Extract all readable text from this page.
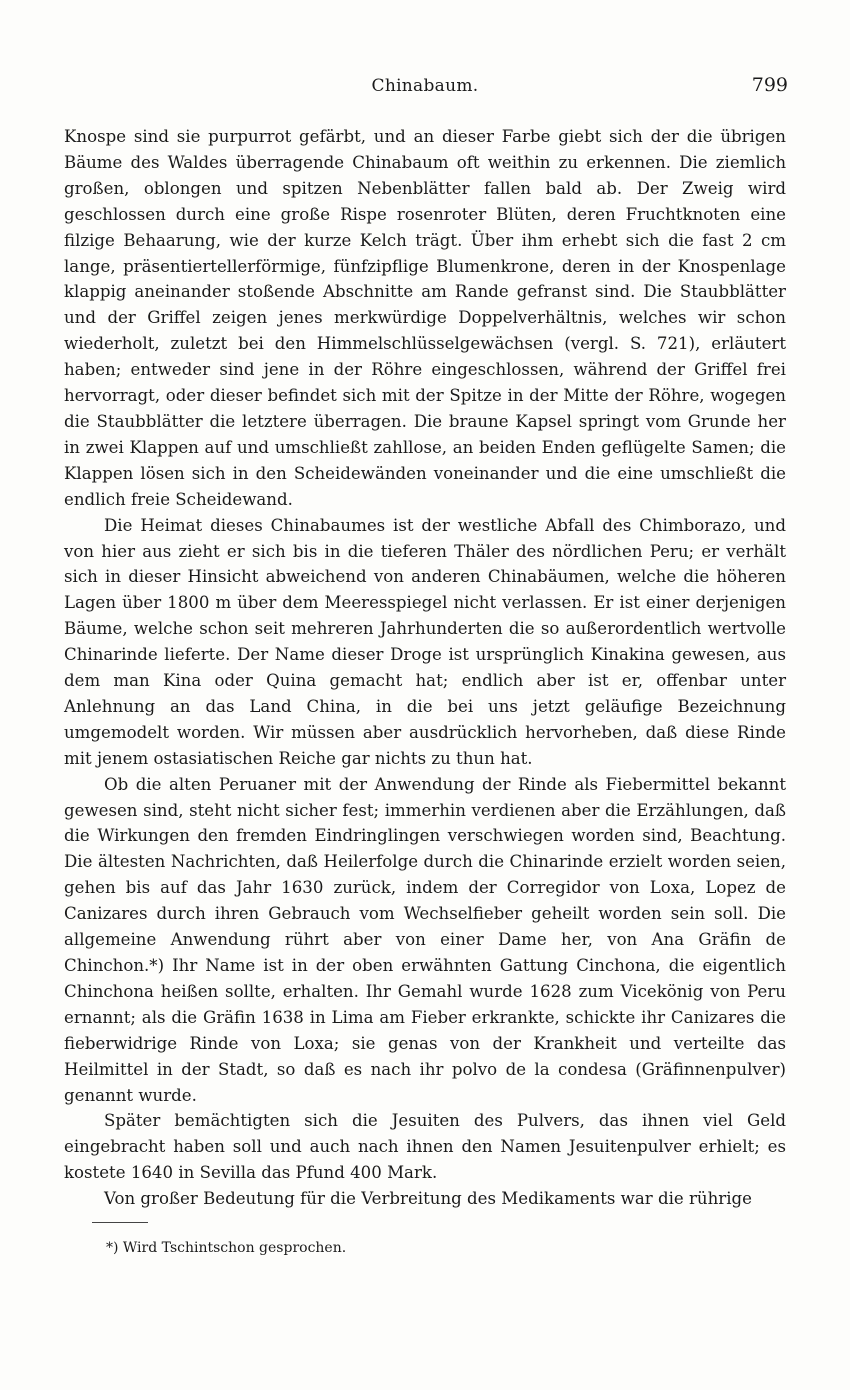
Chinabaum.	799

Knospe sind sie purpurrot gefärbt, und an dieser Farbe giebt sich der die übrigen Bäume des Waldes überragende Chinabaum oft weithin zu erkennen. Die ziemlich großen, oblongen und spitzen Nebenblätter fallen bald ab. Der Zweig wird geschlossen durch eine große Rispe rosenroter Blüten, deren Fruchtknoten eine filzige Behaarung, wie der kurze Kelch trägt. Über ihm erhebt sich die fast 2 cm lange, präsentiertellerförmige, fünfzipflige Blumenkrone, deren in der Knospenlage klappig aneinander stoßende Abschnitte am Rande gefranst sind. Die Staubblätter und der Griffel zeigen jenes merkwürdige Doppelverhältnis, welches wir schon wiederholt, zuletzt bei den Himmelschlüsselgewächsen (vergl. S. 721), erläutert haben; entweder sind jene in der Röhre eingeschlossen, während der Griffel frei hervorragt, oder dieser befindet sich mit der Spitze in der Mitte der Röhre, wogegen die Staubblätter die letztere überragen. Die braune Kapsel springt vom Grunde her in zwei Klappen auf und umschließt zahllose, an beiden Enden geflügelte Samen; die Klappen lösen sich in den Scheidewänden voneinander und die eine umschließt die endlich freie Scheidewand.

Die Heimat dieses Chinabaumes ist der westliche Abfall des Chimborazo, und von hier aus zieht er sich bis in die tieferen Thäler des nördlichen Peru; er verhält sich in dieser Hinsicht abweichend von anderen Chinabäumen, welche die höheren Lagen über 1800 m über dem Meeresspiegel nicht verlassen. Er ist einer derjenigen Bäume, welche schon seit mehreren Jahrhunderten die so außerordentlich wertvolle Chinarinde lieferte. Der Name dieser Droge ist ursprünglich Kinakina gewesen, aus dem man Kina oder Quina gemacht hat; endlich aber ist er, offenbar unter Anlehnung an das Land China, in die bei uns jetzt geläufige Bezeichnung umgemodelt worden. Wir müssen aber ausdrücklich hervorheben, daß diese Rinde mit jenem ostasiatischen Reiche gar nichts zu thun hat.

Ob die alten Peruaner mit der Anwendung der Rinde als Fiebermittel bekannt gewesen sind, steht nicht sicher fest; immerhin verdienen aber die Erzählungen, daß die Wirkungen den fremden Eindringlingen verschwiegen worden sind, Beachtung. Die ältesten Nachrichten, daß Heilerfolge durch die Chinarinde erzielt worden seien, gehen bis auf das Jahr 1630 zurück, indem der Corregidor von Loxa, Lopez de Canizares durch ihren Gebrauch vom Wechselfieber geheilt worden sein soll. Die allgemeine Anwendung rührt aber von einer Dame her, von Ana Gräfin de Chinchon.*) Ihr Name ist in der oben erwähnten Gattung Cinchona, die eigentlich Chinchona heißen sollte, erhalten. Ihr Gemahl wurde 1628 zum Vicekönig von Peru ernannt; als die Gräfin 1638 in Lima am Fieber erkrankte, schickte ihr Canizares die fieberwidrige Rinde von Loxa; sie genas von der Krankheit und verteilte das Heilmittel in der Stadt, so daß es nach ihr polvo de la condesa (Gräfinnenpulver) genannt wurde.

Später bemächtigten sich die Jesuiten des Pulvers, das ihnen viel Geld eingebracht haben soll und auch nach ihnen den Namen Jesuitenpulver erhielt; es kostete 1640 in Sevilla das Pfund 400 Mark.

Von großer Bedeutung für die Verbreitung des Medikaments war die rührige

*) Wird Tschintschon gesprochen.
